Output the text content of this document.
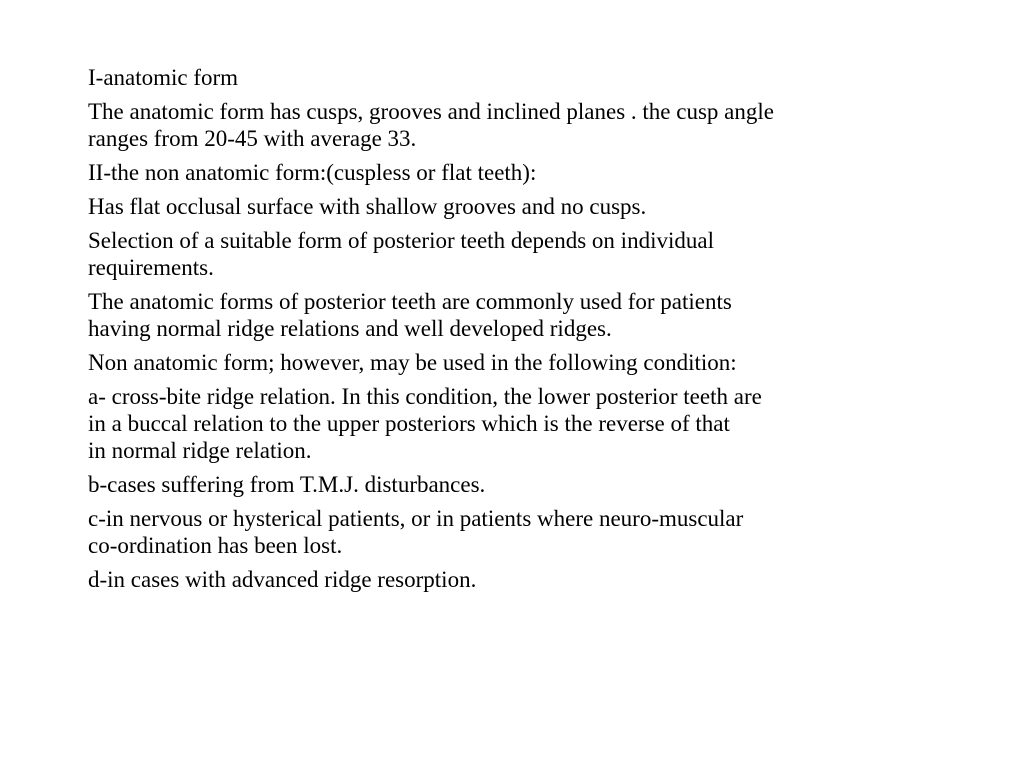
I-anatomic form

The anatomic form has cusps, grooves and inclined planes . the cusp angle
ranges from 20-45 with average 33.

II-the non anatomic form:(cuspless or flat teeth):

Has flat occlusal surface with shallow grooves and no cusps.

Selection of a suitable form of posterior teeth depends on individual
requirements.

The anatomic forms of posterior teeth are commonly used for patients
having normal ridge relations and well developed ridges.

Non anatomic form; however, may be used in the following condition:

a- cross-bite ridge relation. In this condition, the lower posterior teeth are
in a buccal relation to the upper posteriors which is the reverse of that
in normal ridge relation.

b-cases suffering from T.M.J. disturbances.

c-in nervous or hysterical patients, or in patients where neuro-muscular
co-ordination has been lost.

d-in cases with advanced ridge resorption.
